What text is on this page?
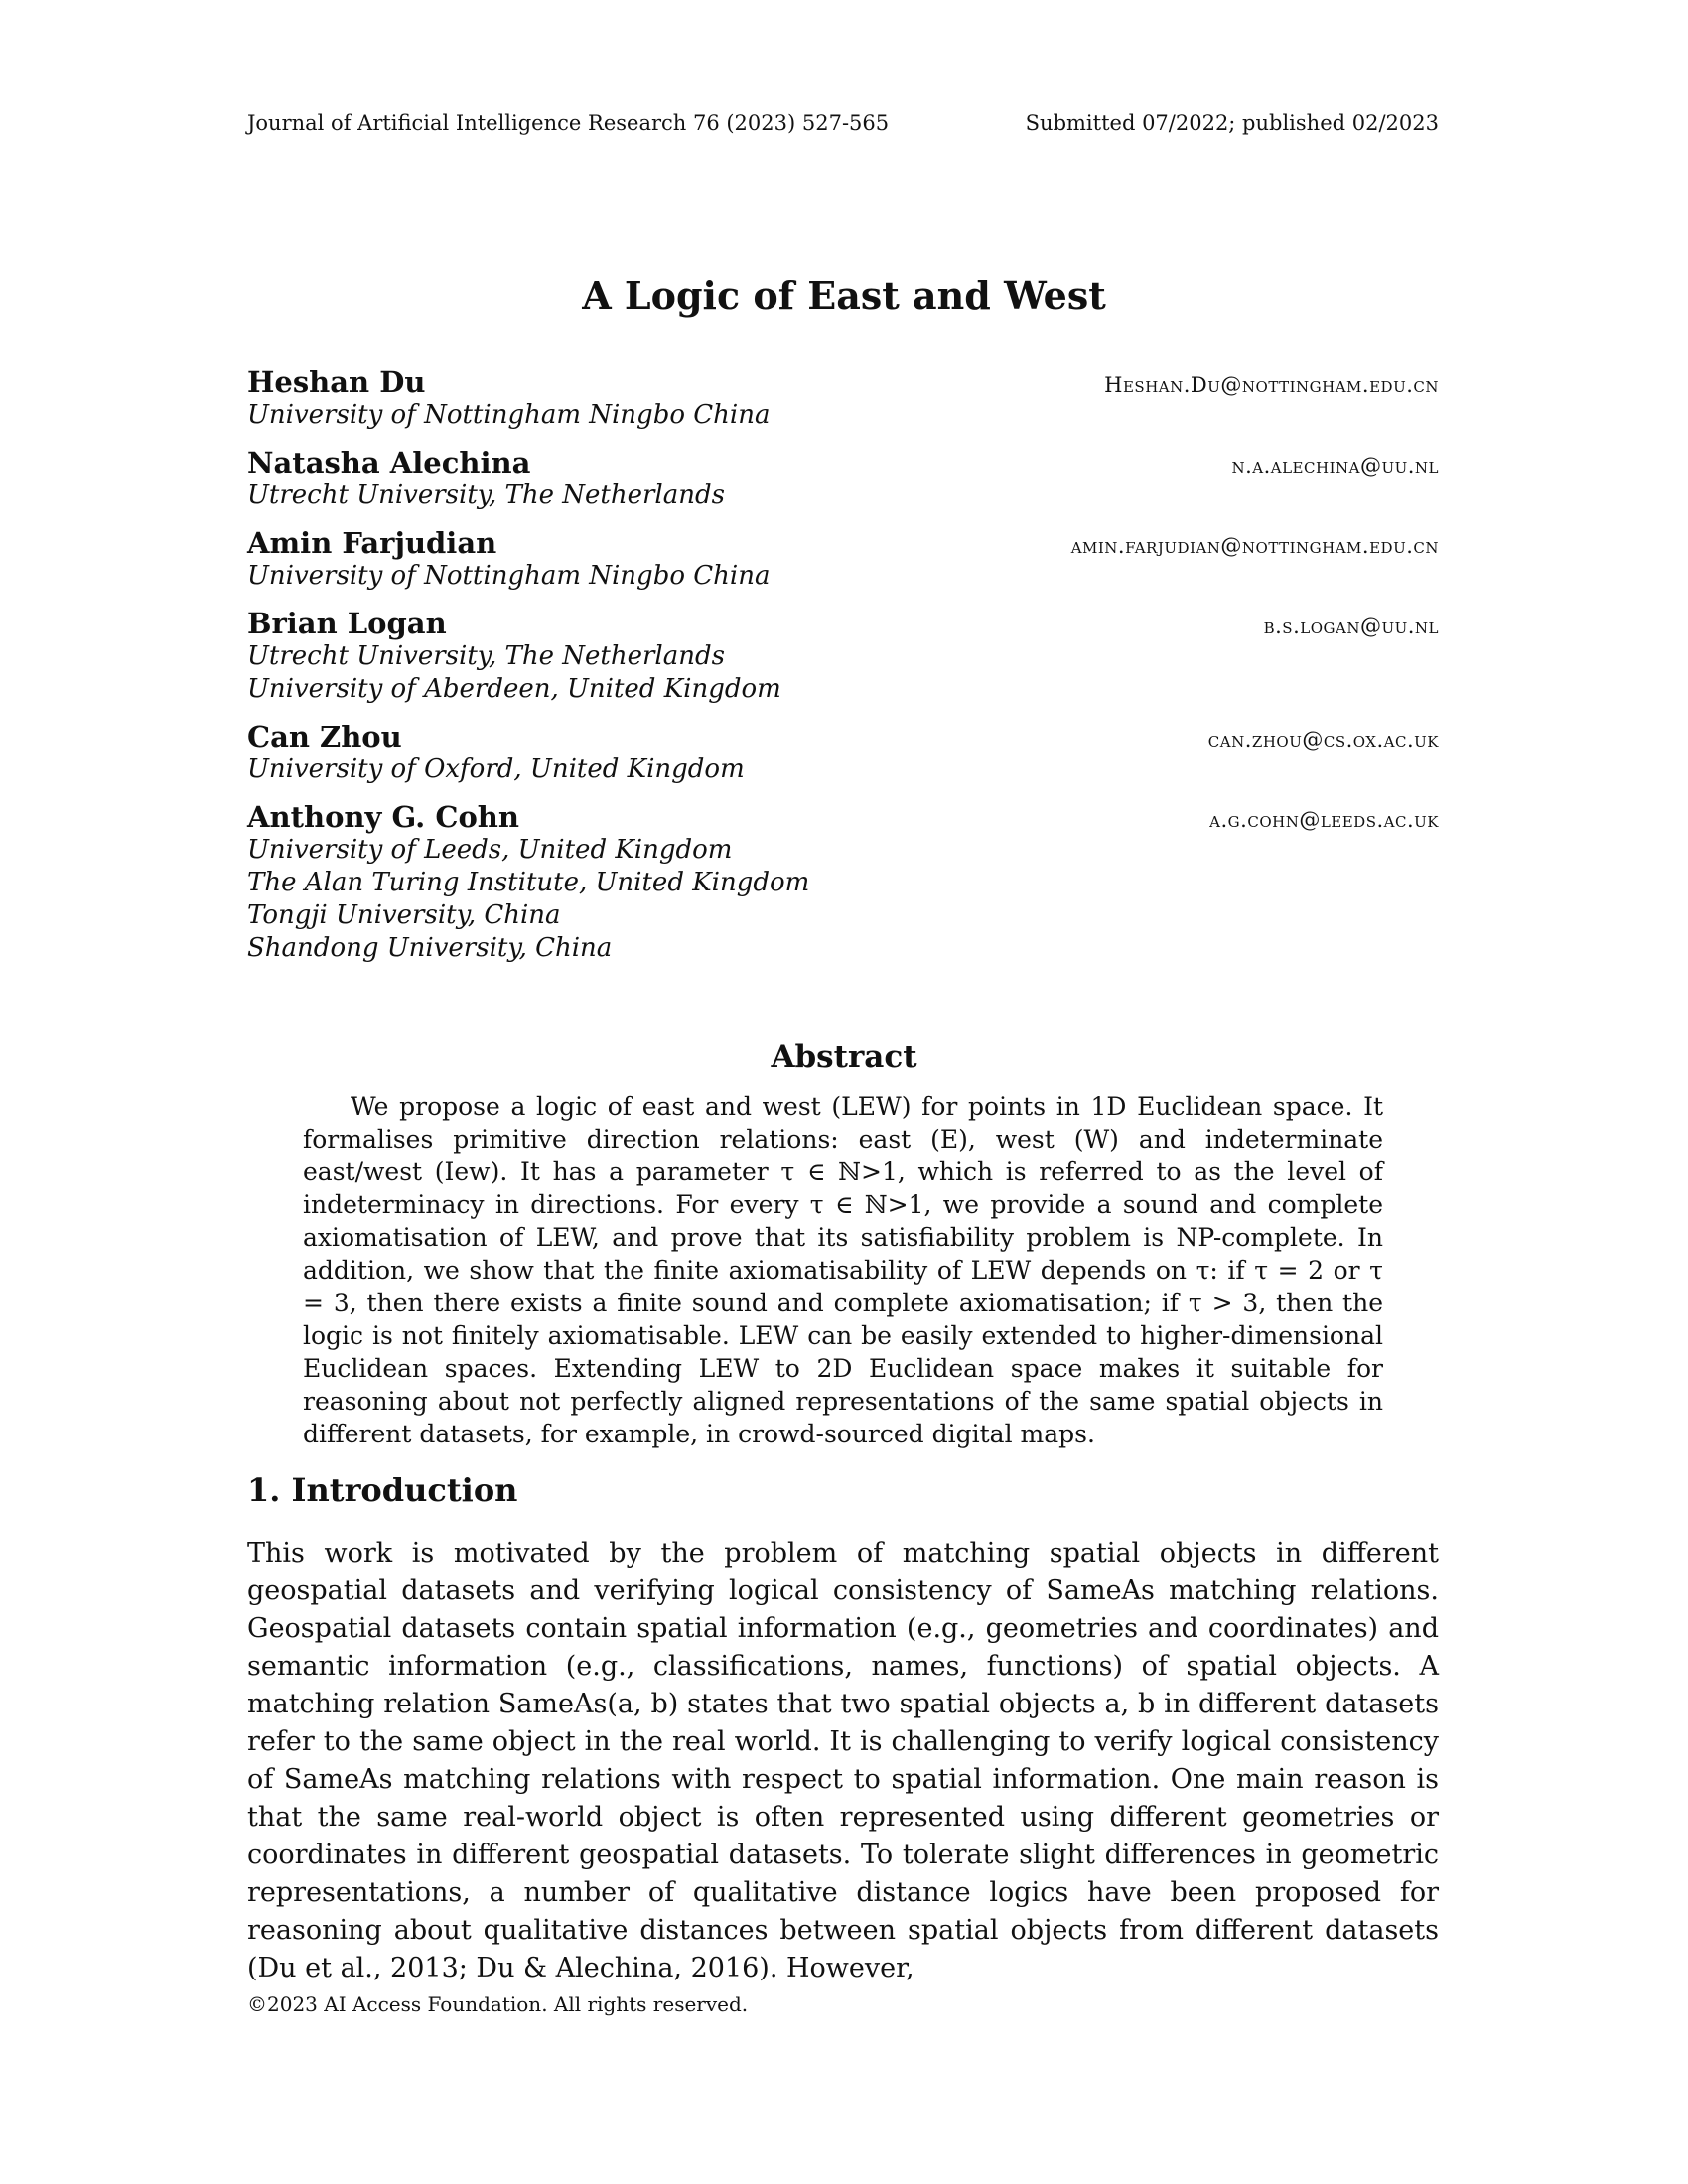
Journal of Artificial Intelligence Research 76 (2023) 527-565	Submitted 07/2022; published 02/2023
A Logic of East and West
Heshan Du	Heshan.Du@nottingham.edu.cn
University of Nottingham Ningbo China
Natasha Alechina	n.a.alechina@uu.nl
Utrecht University, The Netherlands
Amin Farjudian	amin.farjudian@nottingham.edu.cn
University of Nottingham Ningbo China
Brian Logan	b.s.logan@uu.nl
Utrecht University, The Netherlands
University of Aberdeen, United Kingdom
Can Zhou	can.zhou@cs.ox.ac.uk
University of Oxford, United Kingdom
Anthony G. Cohn	a.g.cohn@leeds.ac.uk
University of Leeds, United Kingdom
The Alan Turing Institute, United Kingdom
Tongji University, China
Shandong University, China
Abstract

We propose a logic of east and west (LEW) for points in 1D Euclidean space. It formalises primitive direction relations: east (E), west (W) and indeterminate east/west (Iew). It has a parameter τ ∈ ℕ>1, which is referred to as the level of indeterminacy in directions. For every τ ∈ ℕ>1, we provide a sound and complete axiomatisation of LEW, and prove that its satisfiability problem is NP-complete. In addition, we show that the finite axiomatisability of LEW depends on τ: if τ = 2 or τ = 3, then there exists a finite sound and complete axiomatisation; if τ > 3, then the logic is not finitely axiomatisable. LEW can be easily extended to higher-dimensional Euclidean spaces. Extending LEW to 2D Euclidean space makes it suitable for reasoning about not perfectly aligned representations of the same spatial objects in different datasets, for example, in crowd-sourced digital maps.

1. Introduction

This work is motivated by the problem of matching spatial objects in different geospatial datasets and verifying logical consistency of SameAs matching relations. Geospatial datasets contain spatial information (e.g., geometries and coordinates) and semantic information (e.g., classifications, names, functions) of spatial objects. A matching relation SameAs(a, b) states that two spatial objects a, b in different datasets refer to the same object in the real world. It is challenging to verify logical consistency of SameAs matching relations with respect to spatial information. One main reason is that the same real-world object is often represented using different geometries or coordinates in different geospatial datasets. To tolerate slight differences in geometric representations, a number of qualitative distance logics have been proposed for reasoning about qualitative distances between spatial objects from different datasets (Du et al., 2013; Du & Alechina, 2016). However,

©2023 AI Access Foundation. All rights reserved.
